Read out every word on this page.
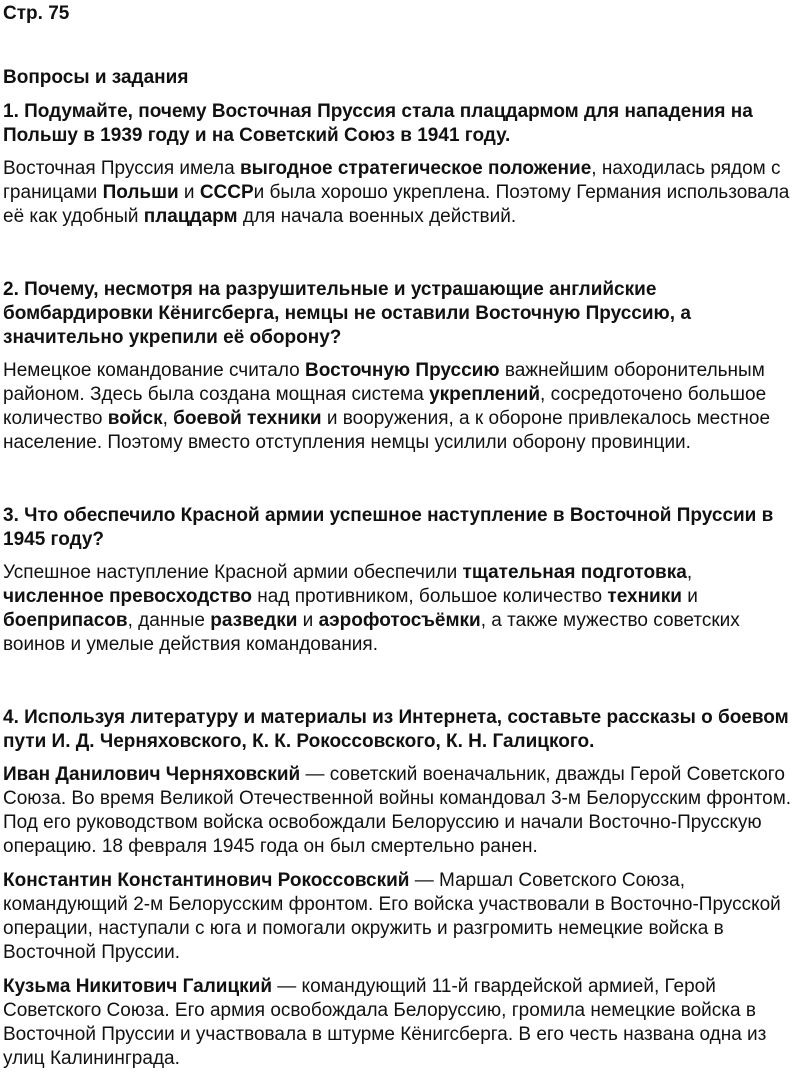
Стр. 75
Вопросы и задания
1. Подумайте, почему Восточная Пруссия стала плацдармом для нападения на Польшу в 1939 году и на Советский Союз в 1941 году.

Восточная Пруссия имела выгодное стратегическое положение, находилась рядом с границами Польши и СССРи была хорошо укреплена. Поэтому Германия использовала её как удобный плацдарм для начала военных действий.

2. Почему, несмотря на разрушительные и устрашающие английские бомбардировки Кёнигсберга, немцы не оставили Восточную Пруссию, а значительно укрепили её оборону?

Немецкое командование считало Восточную Пруссию важнейшим оборонительным районом. Здесь была создана мощная система укреплений, сосредоточено большое количество войск, боевой техники и вооружения, а к обороне привлекалось местное население. Поэтому вместо отступления немцы усилили оборону провинции.

3. Что обеспечило Красной армии успешное наступление в Восточной Пруссии в 1945 году?

Успешное наступление Красной армии обеспечили тщательная подготовка, численное превосходство над противником, большое количество техники и боеприпасов, данные разведки и аэрофотосъёмки, а также мужество советских воинов и умелые действия командования.

4. Используя литературу и материалы из Интернета, составьте рассказы о боевом пути И. Д. Черняховского, К. К. Рокоссовского, К. Н. Галицкого.

Иван Данилович Черняховский — советский военачальник, дважды Герой Советского Союза. Во время Великой Отечественной войны командовал 3-м Белорусским фронтом. Под его руководством войска освобождали Белоруссию и начали Восточно-Прусскую операцию. 18 февраля 1945 года он был смертельно ранен.

Константин Константинович Рокоссовский — Маршал Советского Союза, командующий 2-м Белорусским фронтом. Его войска участвовали в Восточно-Прусской операции, наступали с юга и помогали окружить и разгромить немецкие войска в Восточной Пруссии.

Кузьма Никитович Галицкий — командующий 11-й гвардейской армией, Герой Советского Союза. Его армия освобождала Белоруссию, громила немецкие войска в Восточной Пруссии и участвовала в штурме Кёнигсберга. В его честь названа одна из улиц Калининграда.
